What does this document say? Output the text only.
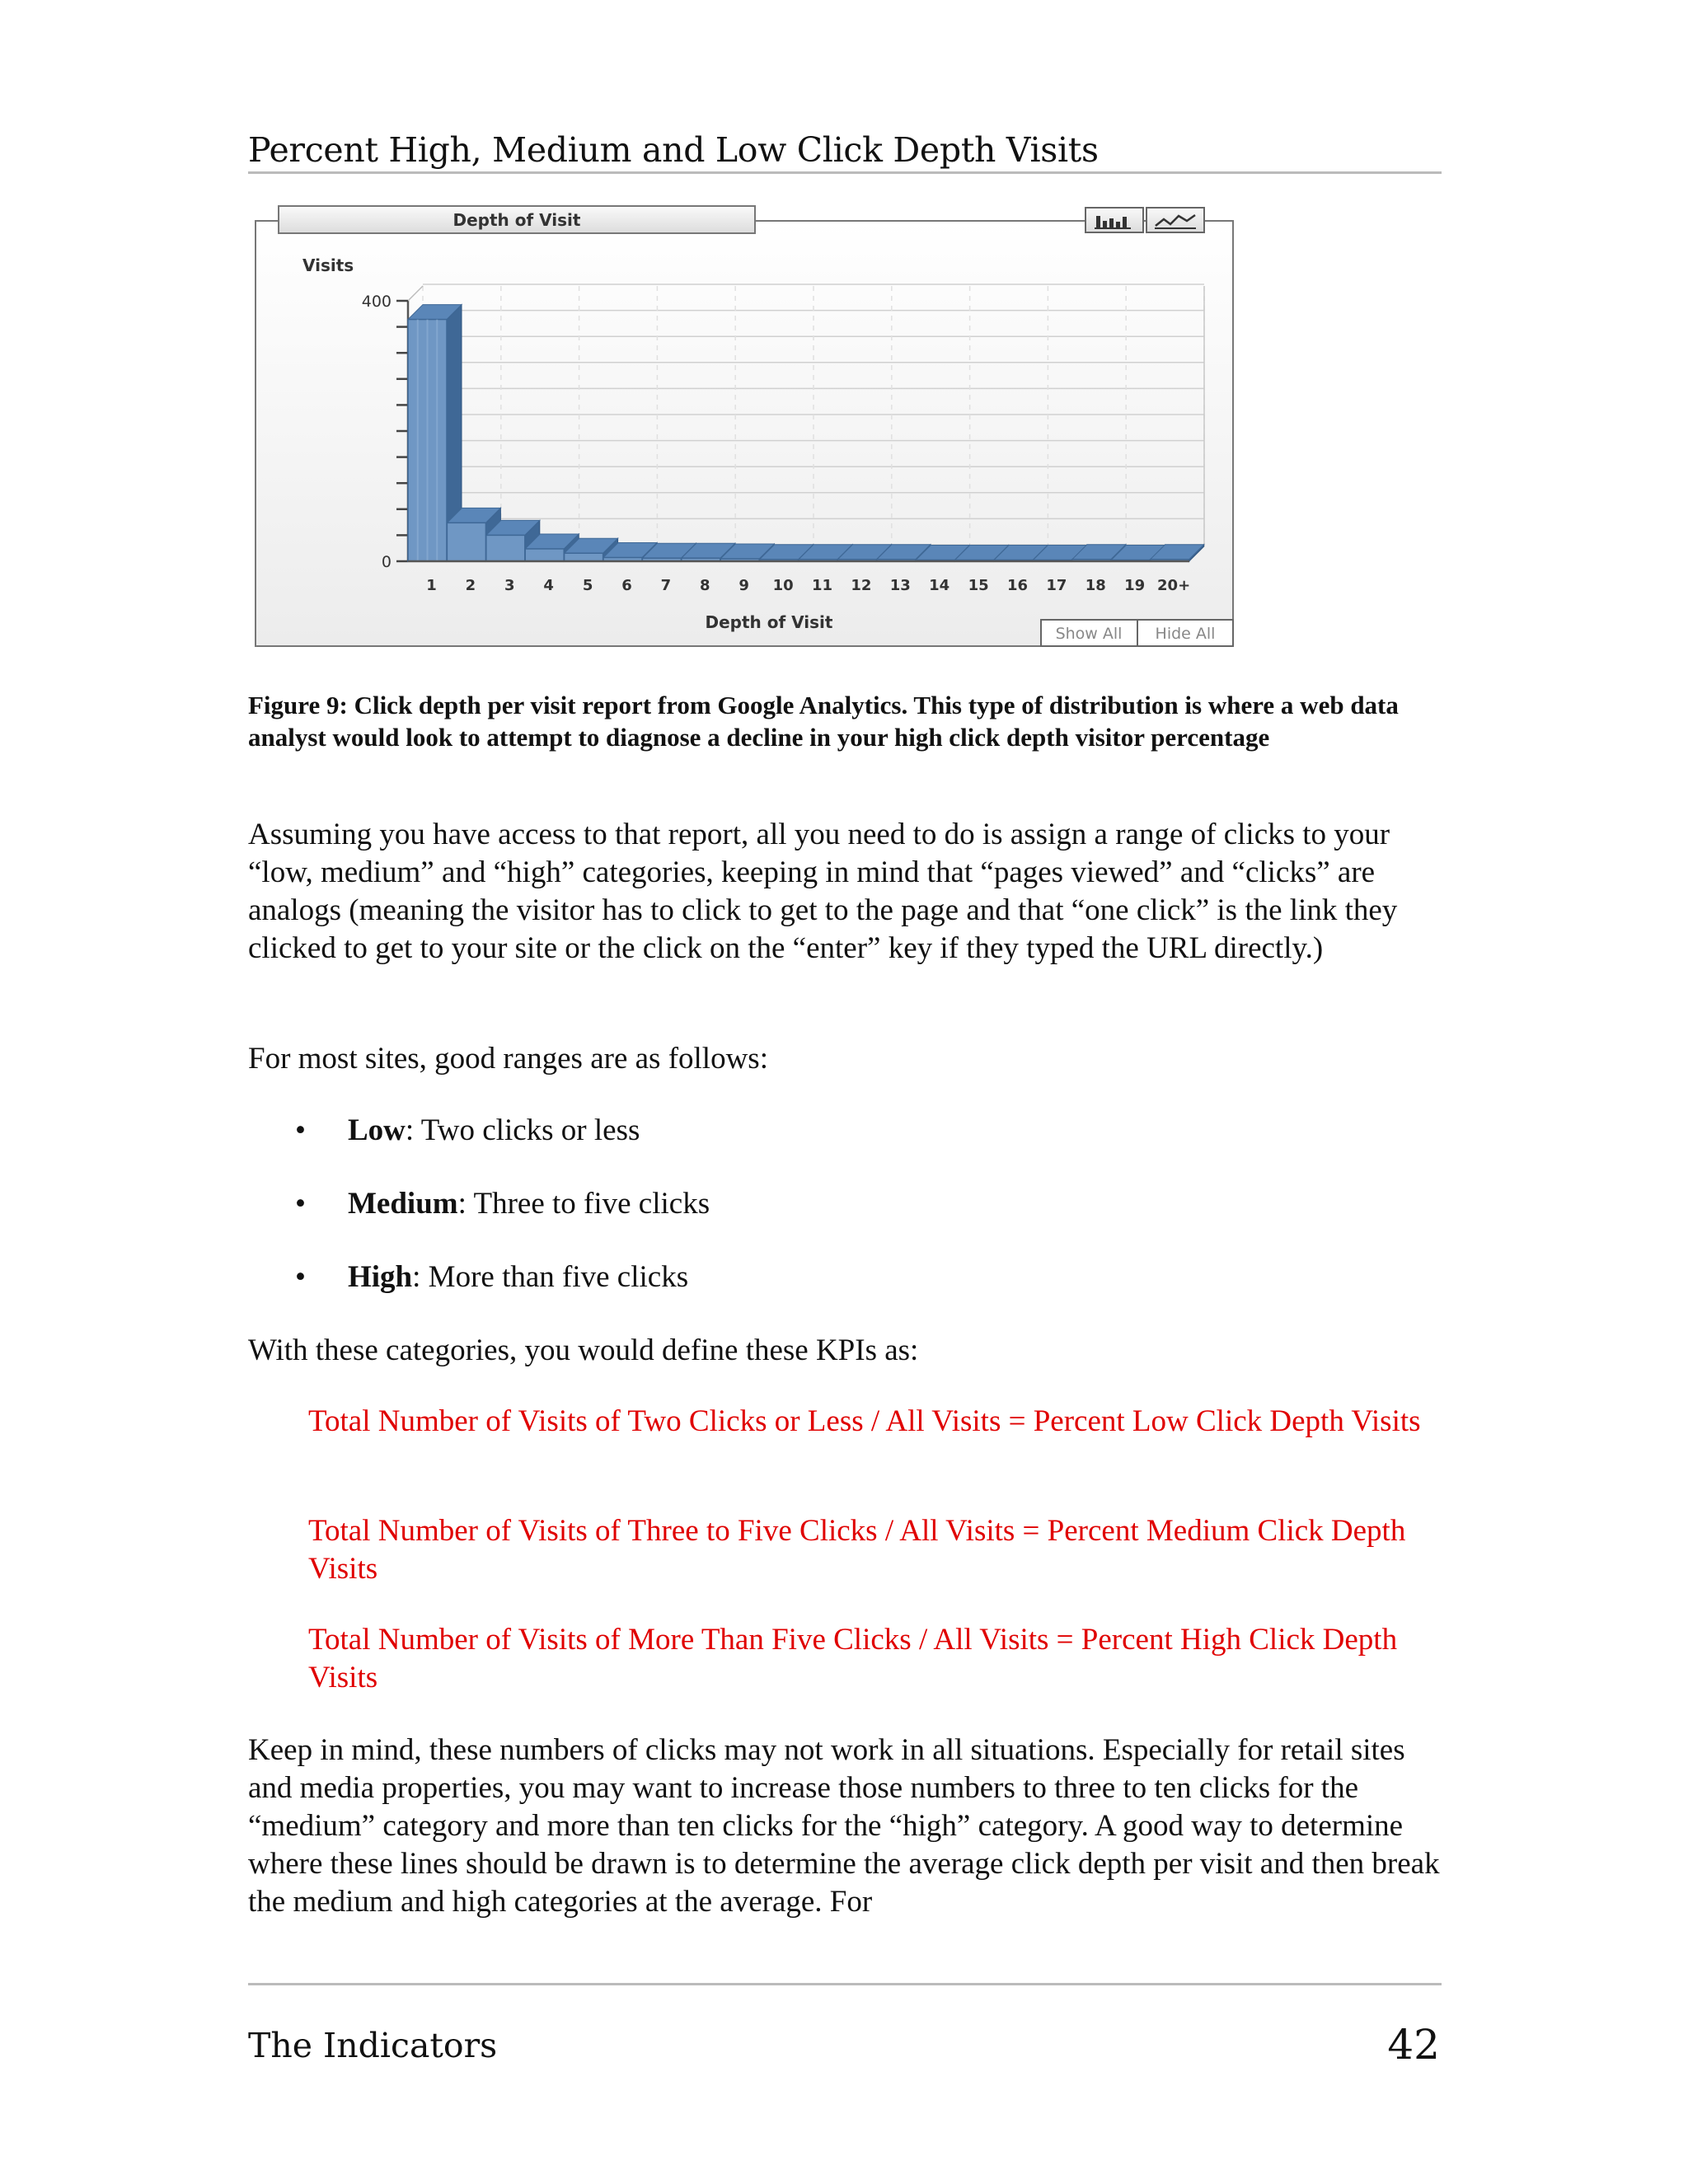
Percent High, Medium and Low Click Depth Visits
Depth of Visit
Visits
400
0
1 2 3 4 5 6 7 8 9 10 11 12 13 14 15 16 17 18 19 20+
Depth of Visit
Show All Hide All
Figure 9: Click depth per visit report from Google Analytics. This type of distribution is where a web data analyst would look to attempt to diagnose a decline in your high click depth visitor percentage
Assuming you have access to that report, all you need to do is assign a range of clicks to your “low, medium” and “high” categories, keeping in mind that “pages viewed” and “clicks” are analogs (meaning the visitor has to click to get to the page and that “one click” is the link they clicked to get to your site or the click on the “enter” key if they typed the URL directly.)
For most sites, good ranges are as follows:
• Low: Two clicks or less
• Medium: Three to five clicks
• High: More than five clicks
With these categories, you would define these KPIs as:
Total Number of Visits of Two Clicks or Less / All Visits = Percent Low Click Depth Visits
Total Number of Visits of Three to Five Clicks / All Visits = Percent Medium Click Depth Visits
Total Number of Visits of More Than Five Clicks / All Visits = Percent High Click Depth Visits
Keep in mind, these numbers of clicks may not work in all situations. Especially for retail sites and media properties, you may want to increase those numbers to three to ten clicks for the “medium” category and more than ten clicks for the “high” category. A good way to determine where these lines should be drawn is to determine the average click depth per visit and then break the medium and high categories at the average. For
The Indicators	42
